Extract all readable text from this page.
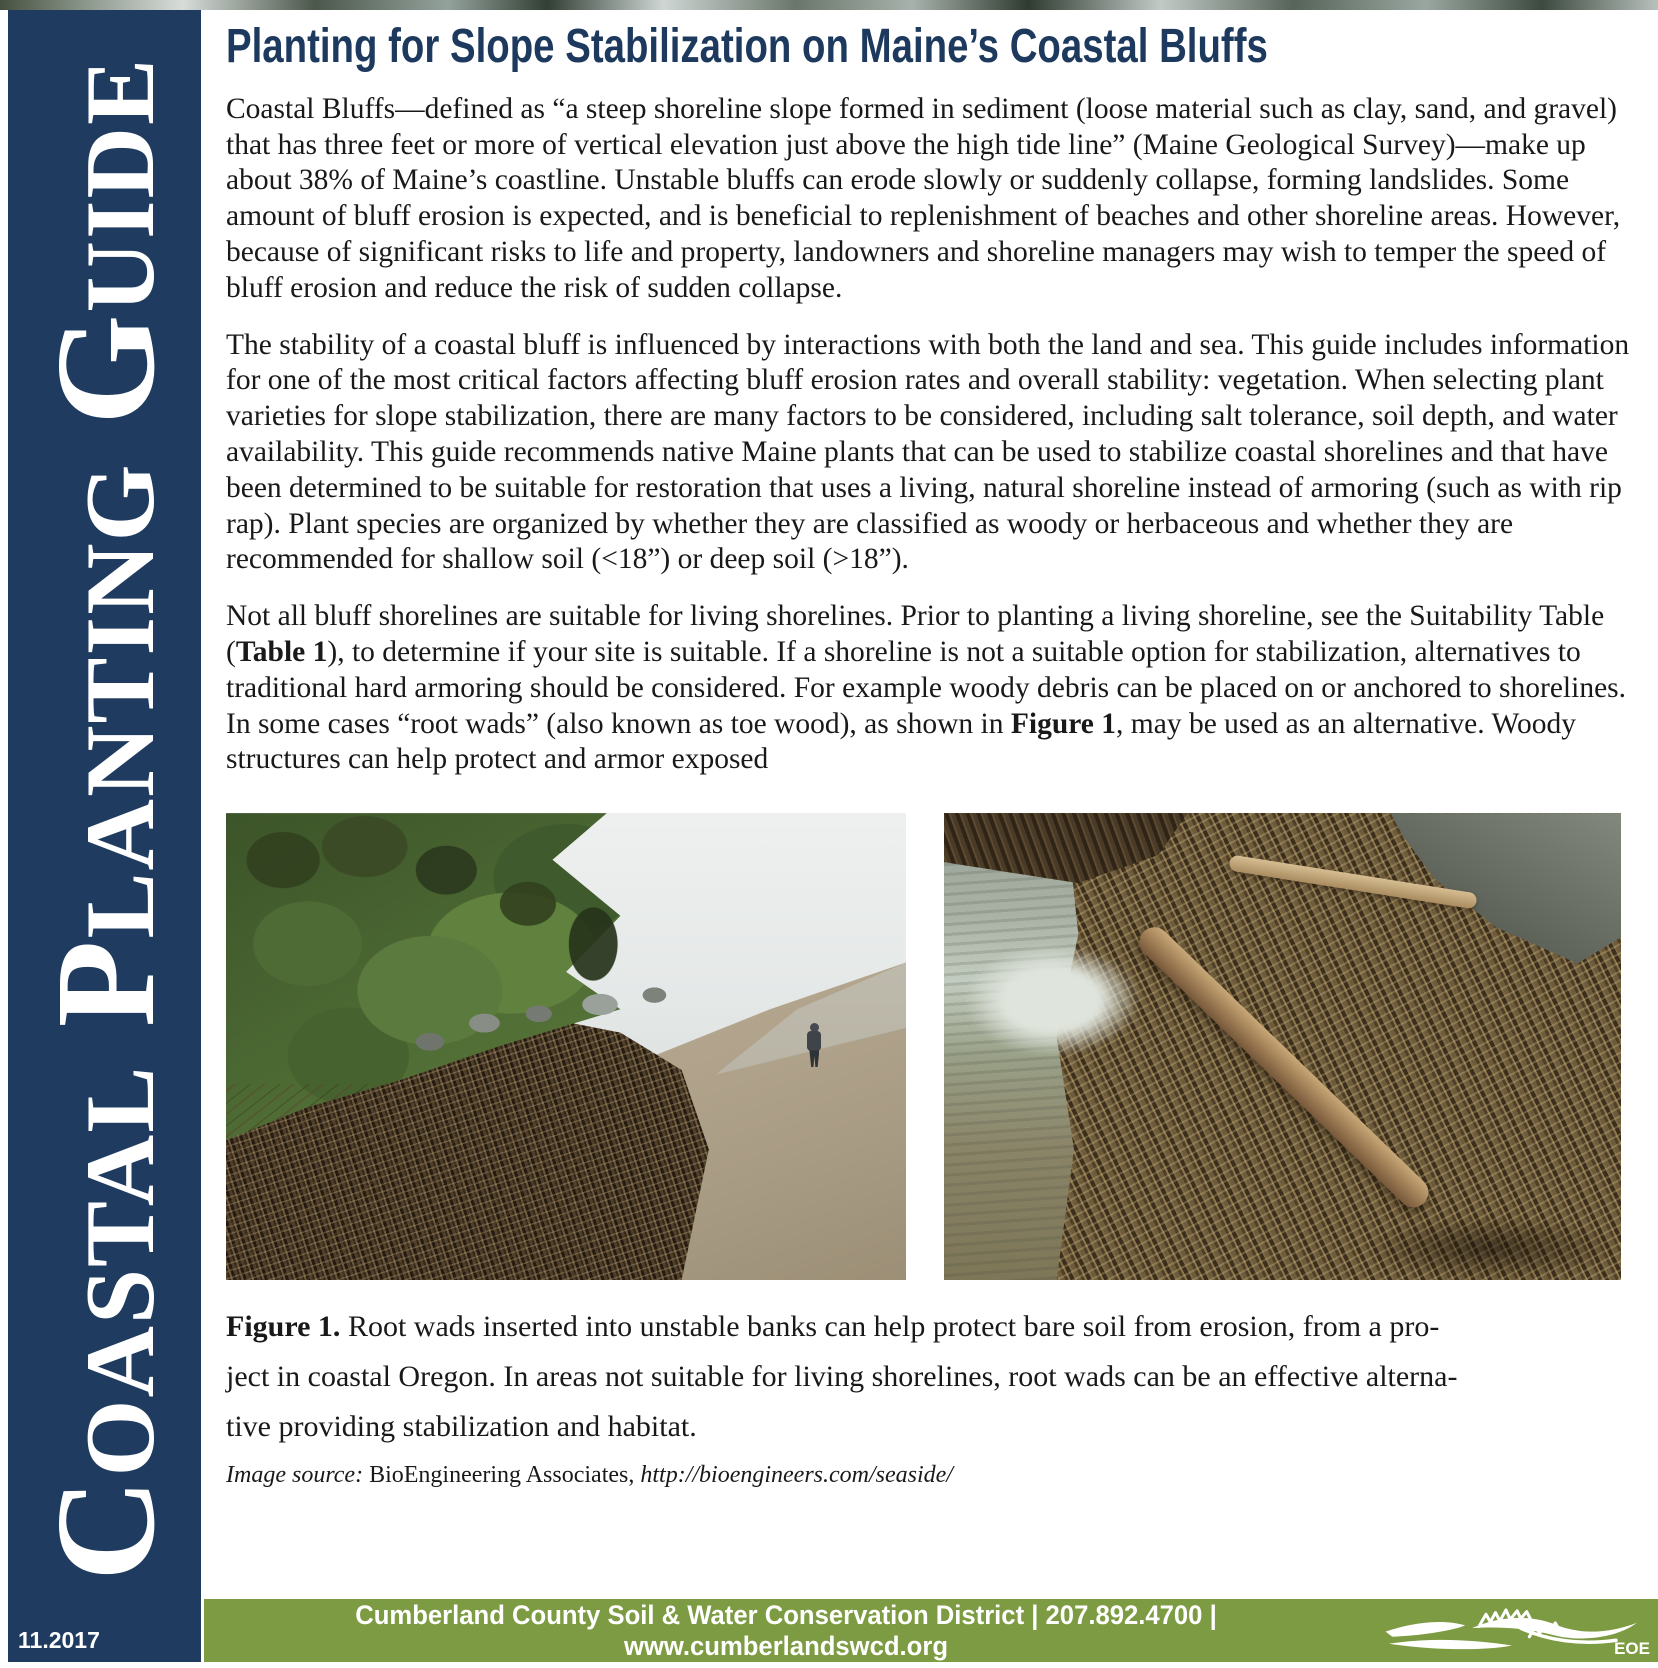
Coastal Planting Guide
11.2017
Planting for Slope Stabilization on Maine’s Coastal Bluffs

Coastal Bluffs—defined as “a steep shoreline slope formed in sediment (loose material such as clay, sand, and gravel) that has three feet or more of vertical elevation just above the high tide line” (Maine Geological Survey)—make up about 38% of Maine’s coastline. Unstable bluffs can erode slowly or suddenly collapse, forming landslides. Some amount of bluff erosion is expected, and is beneficial to replenishment of beaches and other shoreline areas. However, because of significant risks to life and property, landowners and shoreline managers may wish to temper the speed of bluff erosion and reduce the risk of sudden collapse.

The stability of a coastal bluff is influenced by interactions with both the land and sea. This guide includes information for one of the most critical factors affecting bluff erosion rates and overall stability: vegetation. When selecting plant varieties for slope stabilization, there are many factors to be considered, including salt tolerance, soil depth, and water availability. This guide recommends native Maine plants that can be used to stabilize coastal shorelines and that have been determined to be suitable for restoration that uses a living, natural shoreline instead of armoring (such as with rip rap). Plant species are organized by whether they are classified as woody or herbaceous and whether they are recommended for shallow soil (<18”) or deep soil (>18”).

Not all bluff shorelines are suitable for living shorelines. Prior to planting a living shoreline, see the Suitability Table (Table 1), to determine if your site is suitable. If a shoreline is not a suitable option for stabilization, alternatives to traditional hard armoring should be considered. For example woody debris can be placed on or anchored to shorelines. In some cases “root wads” (also known as toe wood), as shown in Figure 1, may be used as an alternative. Woody structures can help protect and armor exposed

Figure 1. Root wads inserted into unstable banks can help protect bare soil from erosion, from a pro-
ject in coastal Oregon. In areas not suitable for living shorelines, root wads can be an effective alterna-
tive providing stabilization and habitat.
Image source: BioEngineering Associates, http://bioengineers.com/seaside/
Cumberland County Soil & Water Conservation District | 207.892.4700 | www.cumberlandswcd.org	EOE
